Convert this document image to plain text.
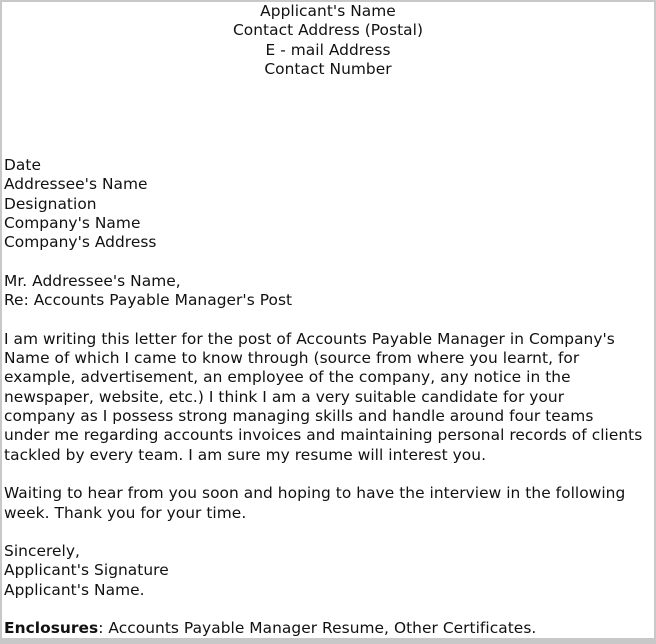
Applicant's Name
Contact Address (Postal)
E - mail Address
Contact Number
Date
Addressee's Name
Designation
Company's Name
Company's Address
Mr. Addressee's Name,
Re: Accounts Payable Manager's Post
I am writing this letter for the post of Accounts Payable Manager in Company's
Name of which I came to know through (source from where you learnt, for
example, advertisement, an employee of the company, any notice in the
newspaper, website, etc.) I think I am a very suitable candidate for your
company as I possess strong managing skills and handle around four teams
under me regarding accounts invoices and maintaining personal records of clients
tackled by every team. I am sure my resume will interest you.
Waiting to hear from you soon and hoping to have the interview in the following
week. Thank you for your time.
Sincerely,
Applicant's Signature
Applicant's Name.
Enclosures: Accounts Payable Manager Resume, Other Certificates.
